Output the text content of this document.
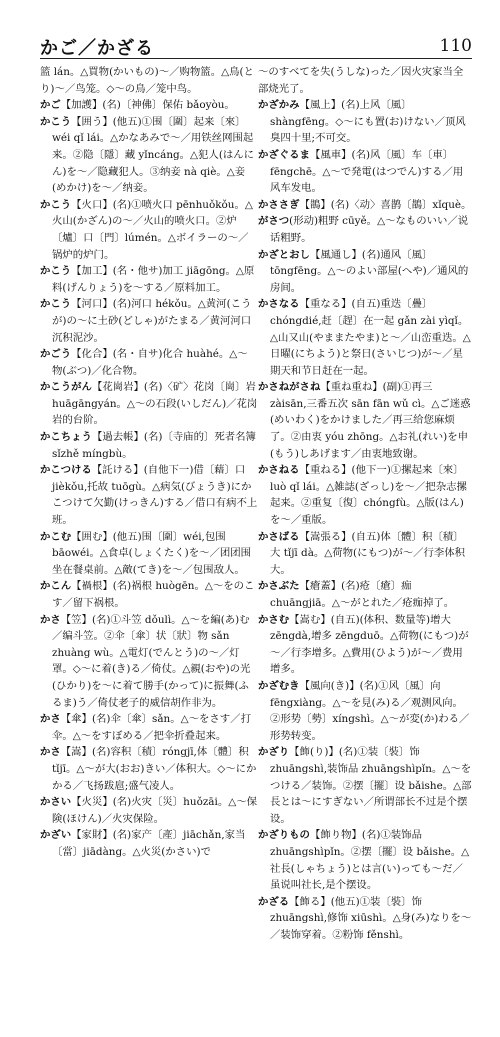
かご／かざる	110

篮 lán。△買物(かいもの)～／购物篮。△鳥(とり)～／鸟笼。◇～の鳥／笼中鸟。

かご【加護】(名)〔神佛〕保佑 bǎoyòu。

かこう【囲う】(他五)①围〔圍〕起来〔來〕wéi qǐ lái。△かなあみで～／用铁丝网围起来。②隐〔隱〕藏 yǐncáng。△犯人(はんにん)を～／隐藏犯人。③纳妾 nà qiè。△妾(めかけ)を～／纳妾。

かこう【火口】(名)①喷火口 pēnhuǒkǒu。△火山(かざん)の～／火山的喷火口。②炉〔爐〕口〔門〕lúmén。△ボイラーの～／锅炉的炉门。

かこう【加工】(名・他サ)加工 jiāgōng。△原料(げんりょう)を～する／原料加工。

かこう【河口】(名)河口 hékǒu。△黄河(こうが)の～に土砂(どしゃ)がたまる／黄河河口沉积泥沙。

かごう【化合】(名・自サ)化合 huàhé。△～物(ぶつ)／化合物。

かこうがん【花崗岩】(名)〈矿〉花岗〔崗〕岩 huāgāngyán。△～の石段(いしだん)／花岗岩的台阶。

かこちょう【過去帳】(名)〔寺庙的〕死者名簿 sǐzhě míngbù。

かこつける【託ける】(自他下一)借〔藉〕口 jièkǒu,托故 tuōgù。△病気(びょうき)にかこつけて欠勤(けっきん)する／借口有病不上班。

かこむ【囲む】(他五)围〔圍〕wéi,包围 bāowéi。△食卓(しょくたく)を～／团团围坐在餐桌前。△敵(てき)を～／包围敌人。

かこん【禍根】(名)祸根 huògēn。△～をのこす／留下祸根。

かさ【笠】(名)①斗笠 dǒulì。△～を編(あ)む／编斗笠。②伞〔傘〕状〔狀〕物 sǎn zhuàng wù。△電灯(でんとう)の～／灯罩。◇～に着(き)る／倚仗。△親(おや)の光(ひかり)を～に着て勝手(かって)に振舞(ふるま)う／倚仗老子的威信胡作非为。

かさ【傘】(名)伞〔傘〕sǎn。△～をさす／打伞。△～をすぼめる／把伞折叠起来。

かさ【嵩】(名)容积〔積〕róngjī,体〔體〕积 tǐjī。△～が大(おお)きい／体积大。◇～にかかる／飞扬跋扈;盛气凌人。

かさい【火災】(名)火灾〔災〕huǒzāi。△～保険(ほけん)／火灾保险。

かざい【家財】(名)家产〔產〕jiāchǎn,家当〔當〕jiādàng。△火災(かさい)で

～のすべてを失(うしな)った／因火灾家当全部烧光了。

かざかみ【風上】(名)上风〔風〕shàngfēng。◇～にも置(お)けない／顶风臭四十里;不可交。

かざぐるま【風車】(名)风〔風〕车〔車〕fēngchē。△～で発電(はつでん)する／用风车发电。

かささぎ【鵲】(名)〈动〉喜鹊〔鵲〕xǐquè。

がさつ(形动)粗野 cūyě。△～なものいい／说话粗野。

かざとおし【風通し】(名)通风〔風〕tōngfēng。△～のよい部屋(へや)／通风的房间。

かさなる【重なる】(自五)重迭〔疊〕chóngdié,赶〔趕〕在一起 gǎn zài yìqǐ。△山又山(やままたやま)と～／山峦重迭。△日曜(にちよう)と祭日(さいじつ)が～／星期天和节日赶在一起。

かさねがさね【重ね重ね】(副)①再三 zàisān,三番五次 sān fān wǔ cì。△ご迷惑(めいわく)をかけました／再三给您麻烦了。②由衷 yóu zhōng。△お礼(れい)を申(もう)しあげます／由衷地致谢。

かさねる【重ねる】(他下一)①摞起来〔來〕luò qǐ lái。△雑誌(ざっし)を～／把杂志摞起来。②重复〔復〕chóngfù。△版(はん)を～／重版。

かさばる【嵩張る】(自五)体〔體〕积〔積〕大 tǐjī dà。△荷物(にもつ)が～／行李体积大。

かさぶた【瘡蓋】(名)疮〔瘡〕痂 chuāngjiā。△～がとれた／疮痂掉了。

かさむ【嵩む】(自五)(体积、数量等)增大 zēngdà,增多 zēngduō。△荷物(にもつ)が～／行李增多。△費用(ひよう)が～／费用增多。

かざむき【風向(き)】(名)①风〔風〕向 fēngxiàng。△～を見(み)る／观测风向。②形势〔勢〕xíngshì。△～が変(か)わる／形势转变。

かざり【飾(り)】(名)①装〔裝〕饰 zhuāngshì,装饰品 zhuāngshìpǐn。△～をつける／装饰。②摆〔擺〕设 bǎishe。△部長とは～にすぎない／所谓部长不过是个摆设。

かざりもの【飾り物】(名)①装饰品 zhuāngshìpǐn。②摆〔擺〕设 bǎishe。△社長(しゃちょう)とは言(い)っても～だ／虽说叫社长,是个摆设。

かざる【飾る】(他五)①装〔裝〕饰 zhuāngshì,修饰 xiūshì。△身(み)なりを～／装饰穿着。②粉饰 fěnshì。
